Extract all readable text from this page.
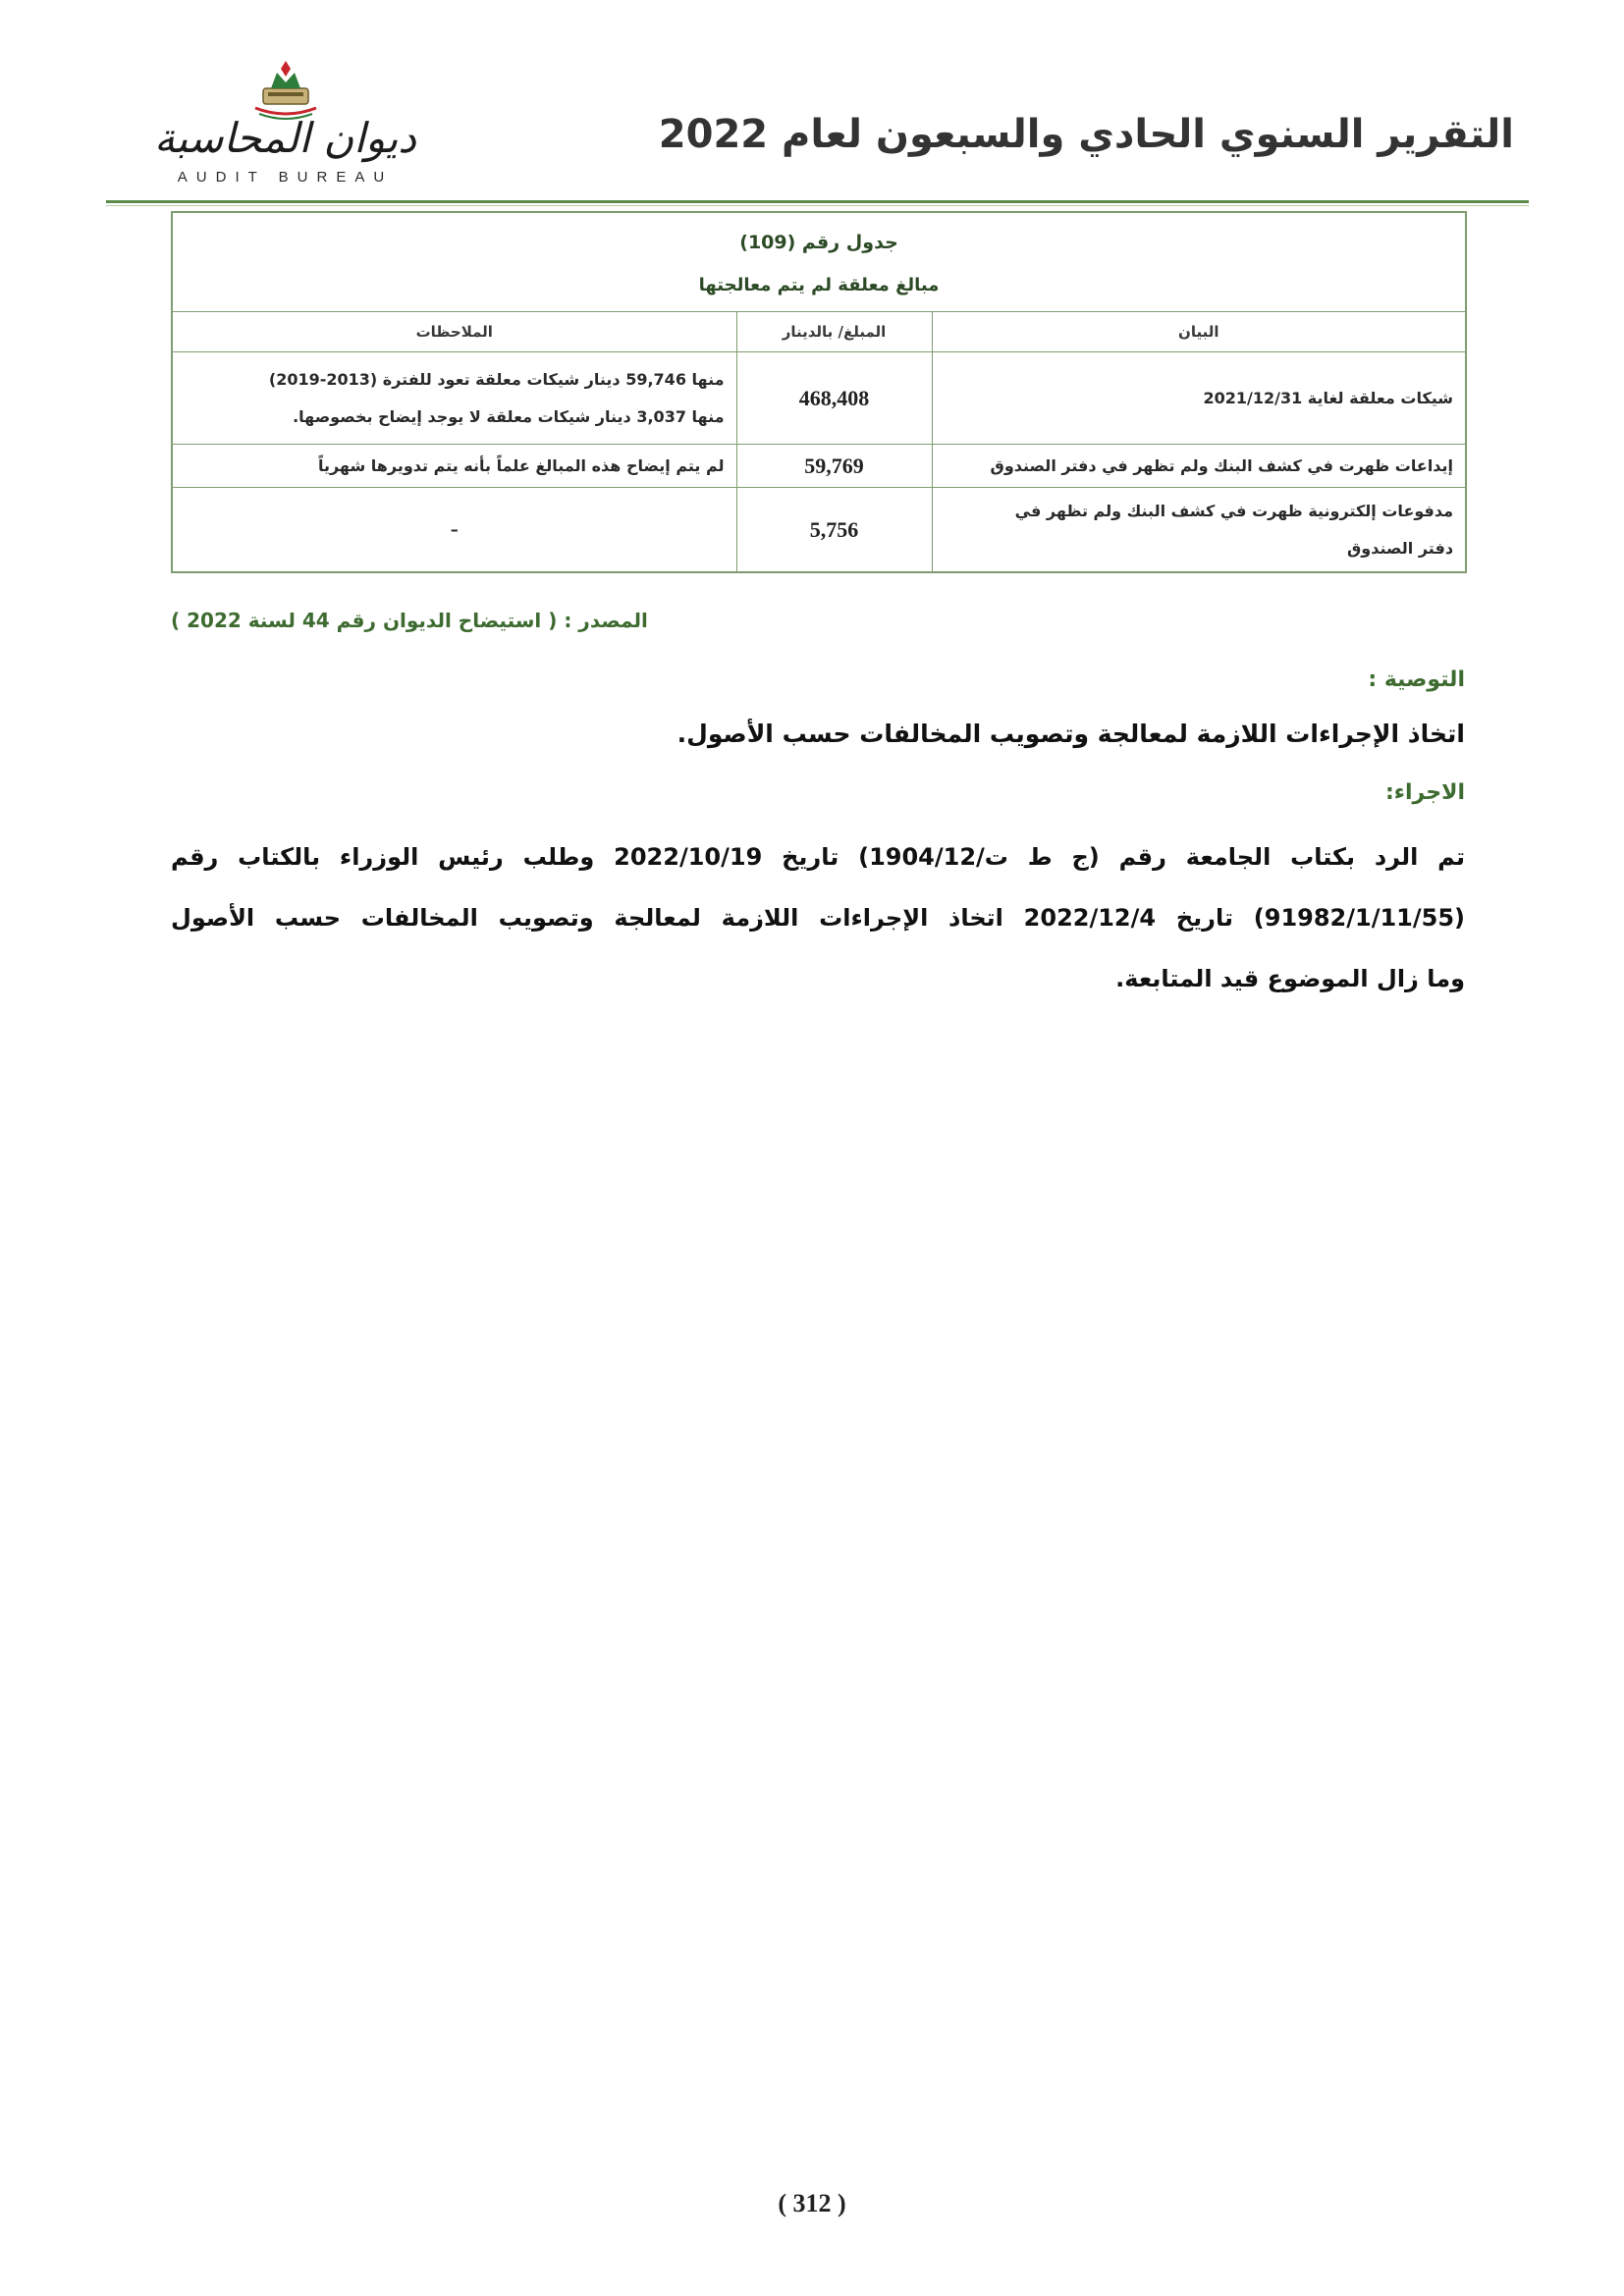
ديوان المحاسبة
AUDIT BUREAU
التقرير السنوي الحادي والسبعون لعام 2022
جدول رقم (109)
مبالغ معلقة لم يتم معالجتها		

البيان	المبلغ/ بالدينار	الملاحظات

شيكات معلقة لغاية 2021/12/31	468,408	منها 59,746 دينار شيكات معلقة تعود للفترة (2013-2019)
منها 3,037 دينار شيكات معلقة لا يوجد إيضاح بخصوصها.

إيداعات ظهرت في كشف البنك ولم تظهر في دفتر الصندوق	59,769	لم يتم إيضاح هذه المبالغ علماً بأنه يتم تدويرها شهرياً

مدفوعات إلكترونية ظهرت في كشف البنك ولم تظهر في
دفتر الصندوق	5,756	–
المصدر : ( استيضاح الديوان رقم 44 لسنة 2022 )
التوصية :
اتخاذ الإجراءات اللازمة لمعالجة وتصويب المخالفات حسب الأصول.
الاجراء:
تم الرد بكتاب الجامعة رقم (ج ط ت/1904/12) تاريخ 2022/10/19 وطلب رئيس الوزراء بالكتاب رقم
(91982/1/11/55) تاريخ 2022/12/4 اتخاذ الإجراءات اللازمة لمعالجة وتصويب المخالفات حسب الأصول
وما زال الموضوع قيد المتابعة.
( 312 )
